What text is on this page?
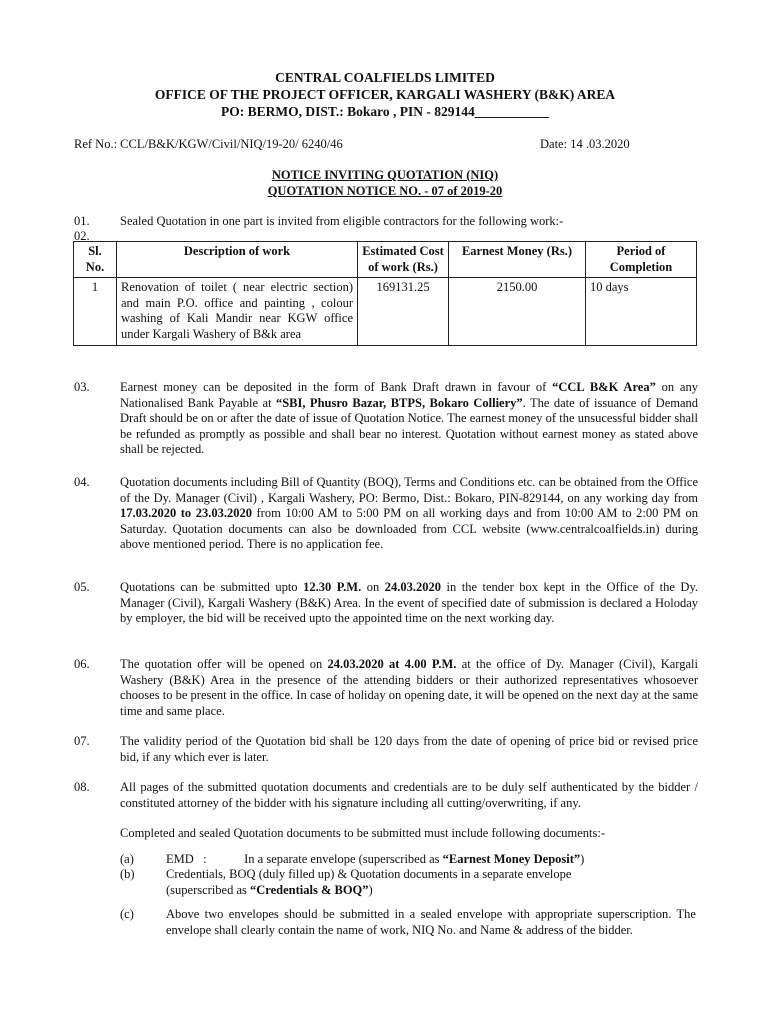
CENTRAL COALFIELDS LIMITED
OFFICE OF THE PROJECT OFFICER, KARGALI WASHERY (B&K) AREA
PO: BERMO, DIST.: Bokaro , PIN - 829144___________
Ref No.: CCL/B&K/KGW/Civil/NIQ/19-20/ 6240/46	Date: 14 .03.2020
NOTICE INVITING QUOTATION (NIQ)
QUOTATION NOTICE NO. - 07 of 2019-20
01. Sealed Quotation in one part is invited from eligible contractors for the following work:-
02.
Sl. No.	Description of work	Estimated Cost of work (Rs.)	Earnest Money (Rs.)	Period of Completion
1	Renovation of toilet ( near electric section) and main P.O. office and painting , colour washing of Kali Mandir near KGW office under Kargali Washery of B&k area	169131.25	2150.00	10 days
03. Earnest money can be deposited in the form of Bank Draft drawn in favour of “CCL B&K Area” on any Nationalised Bank Payable at “SBI, Phusro Bazar, BTPS, Bokaro Colliery”. The date of issuance of Demand Draft should be on or after the date of issue of Quotation Notice. The earnest money of the unsucessful bidder shall be refunded as promptly as possible and shall bear no interest. Quotation without earnest money as stated above shall be rejected.
04. Quotation documents including Bill of Quantity (BOQ), Terms and Conditions etc. can be obtained from the Office of the Dy. Manager (Civil) , Kargali Washery, PO: Bermo, Dist.: Bokaro, PIN-829144, on any working day from 17.03.2020 to 23.03.2020 from 10:00 AM to 5:00 PM on all working days and from 10:00 AM to 2:00 PM on Saturday. Quotation documents can also be downloaded from CCL website (www.centralcoalfields.in) during above mentioned period. There is no application fee.
05. Quotations can be submitted upto 12.30 P.M. on 24.03.2020 in the tender box kept in the Office of the Dy. Manager (Civil), Kargali Washery (B&K) Area. In the event of specified date of submission is declared a Holoday by employer, the bid will be received upto the appointed time on the next working day.
06. The quotation offer will be opened on 24.03.2020 at 4.00 P.M. at the office of Dy. Manager (Civil), Kargali Washery (B&K) Area in the presence of the attending bidders or their authorized representatives whosoever chooses to be present in the office. In case of holiday on opening date, it will be opened on the next day at the same time and same place.
07. The validity period of the Quotation bid shall be 120 days from the date of opening of price bid or revised price bid, if any which ever is later.
08. All pages of the submitted quotation documents and credentials are to be duly self authenticated by the bidder / constituted attorney of the bidder with his signature including all cutting/overwriting, if any.
Completed and sealed Quotation documents to be submitted must include following documents:-
(a)	EMD   :            In a separate envelope (superscribed as “Earnest Money Deposit”)
(b)	Credentials, BOQ (duly filled up) & Quotation documents in a separate envelope (superscribed as “Credentials & BOQ”)
(c)	Above two envelopes should be submitted in a sealed envelope with appropriate superscription. The envelope shall clearly contain the name of work, NIQ No. and Name & address of the bidder.
